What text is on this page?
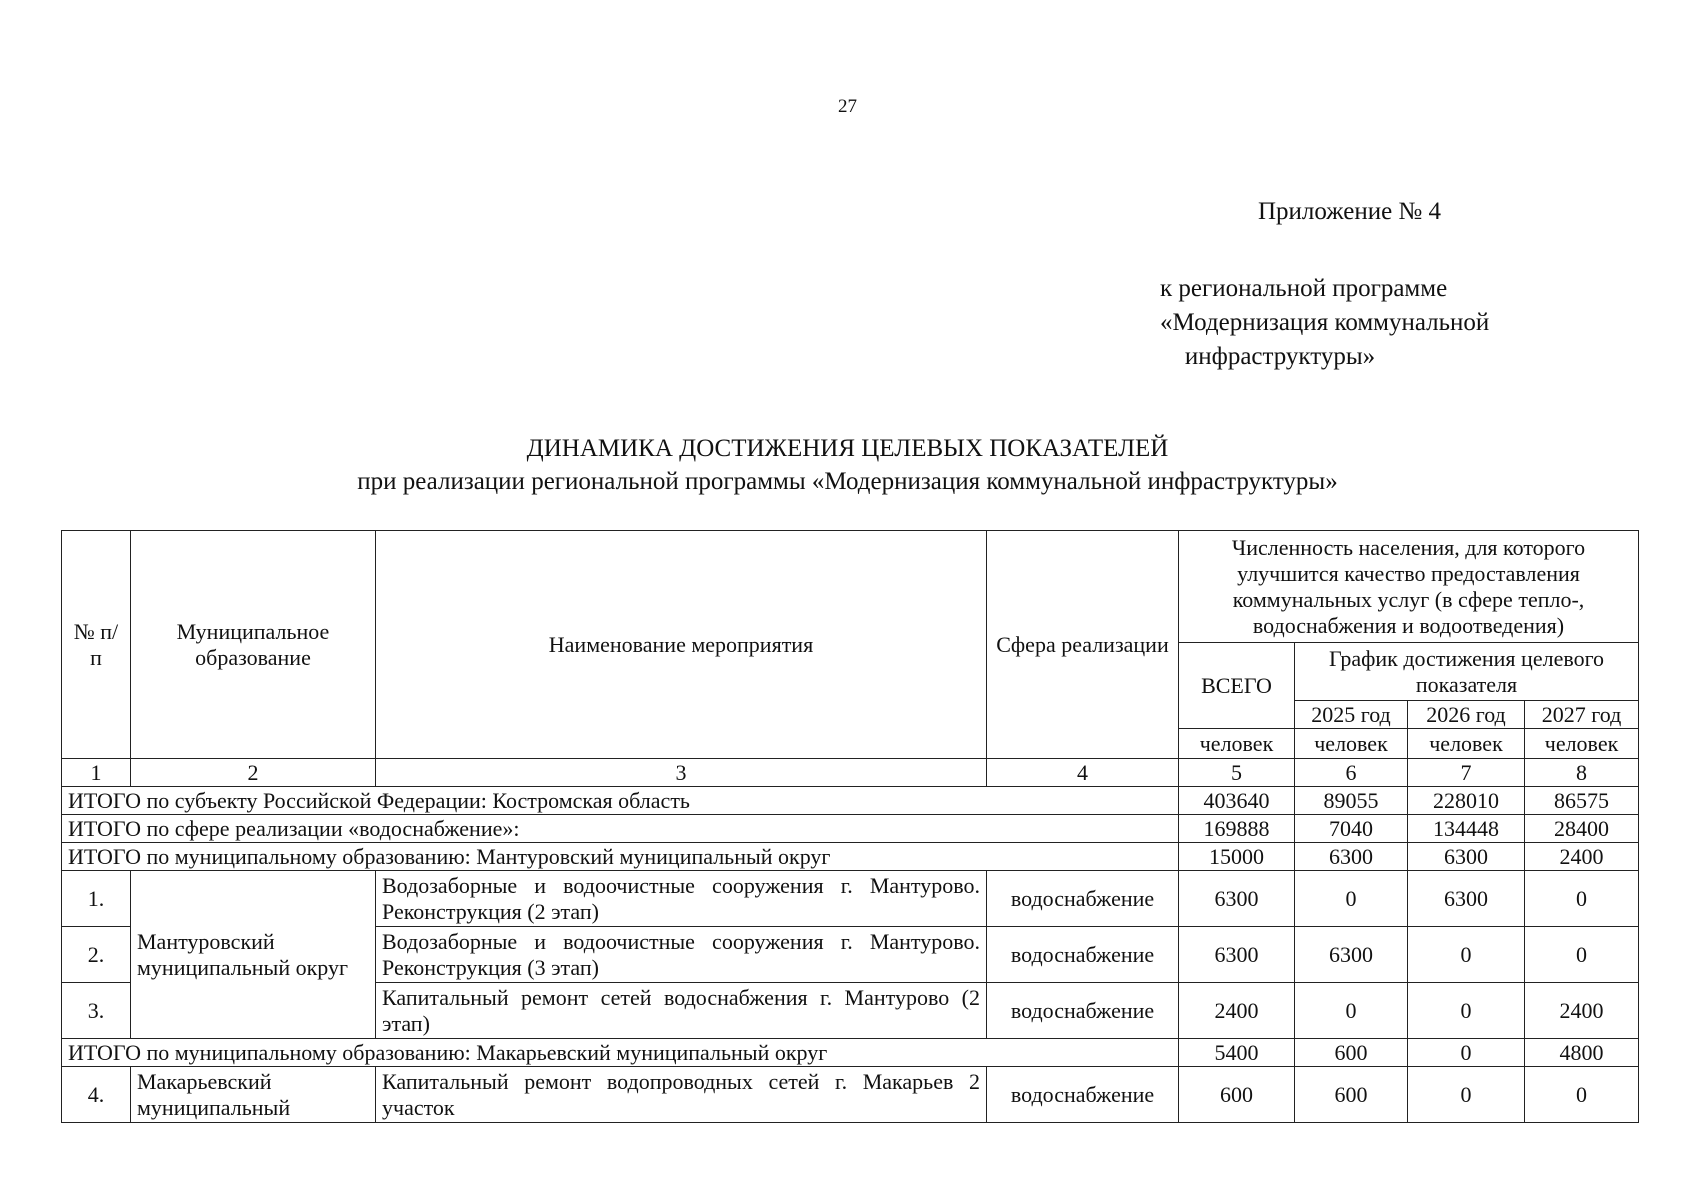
27
Приложение № 4
к региональной программе
«Модернизация коммунальной
инфраструктуры»
ДИНАМИКА ДОСТИЖЕНИЯ ЦЕЛЕВЫХ ПОКАЗАТЕЛЕЙ
при реализации региональной программы «Модернизация коммунальной инфраструктуры»
№ п/п	Муниципальное образование	Наименование мероприятия	Сфера реализации	Численность населения, для которого улучшится качество предоставления коммунальных услуг (в сфере тепло-, водоснабжения и водоотведения)			
				ВСЕГО	График достижения целевого показателя		
					2025 год	2026 год	2027 год
				человек	человек	человек	человек
1	2	3	4	5	6	7	8
ИТОГО по субъекту Российской Федерации: Костромская область				403640	89055	228010	86575
ИТОГО по сфере реализации «водоснабжение»:				169888	7040	134448	28400
ИТОГО по муниципальному образованию: Мантуровский муниципальный округ				15000	6300	6300	2400
1.	Мантуровский муниципальный округ	Водозаборные и водоочистные сооружения г. Мантурово. Реконструкция (2 этап)	водоснабжение	6300	0	6300	0
2.		Водозаборные и водоочистные сооружения г. Мантурово. Реконструкция (3 этап)	водоснабжение	6300	6300	0	0
3.		Капитальный ремонт сетей водоснабжения г. Мантурово (2 этап)	водоснабжение	2400	0	0	2400
ИТОГО по муниципальному образованию: Макарьевский муниципальный округ				5400	600	0	4800
4.	Макарьевский муниципальный	Капитальный ремонт водопроводных сетей г. Макарьев 2 участок	водоснабжение	600	600	0	0
